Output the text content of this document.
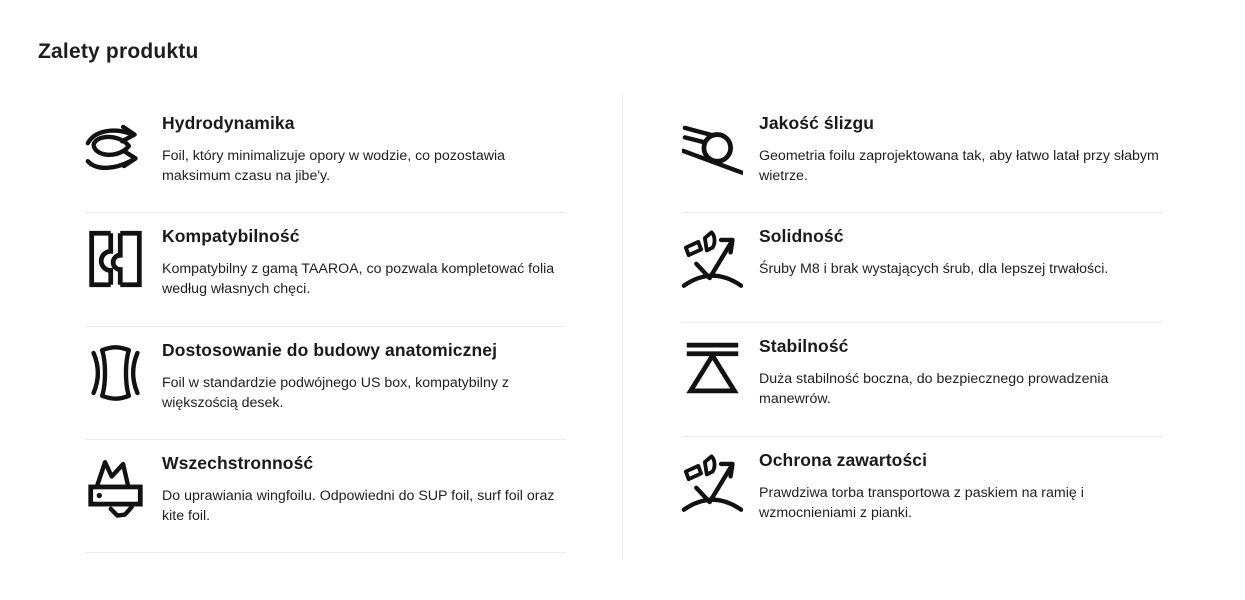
Zalety produktu
Hydrodynamika
Foil, który minimalizuje opory w wodzie, co pozostawia maksimum czasu na jibe'y.
Kompatybilność
Kompatybilny z gamą TAAROA, co pozwala kompletować folia według własnych chęci.
Dostosowanie do budowy anatomicznej
Foil w standardzie podwójnego US box, kompatybilny z większością desek.
Wszechstronność
Do uprawiania wingfoilu. Odpowiedni do SUP foil, surf foil oraz kite foil.
Jakość ślizgu
Geometria foilu zaprojektowana tak, aby łatwo latał przy słabym wietrze.
Solidność
Śruby M8 i brak wystających śrub, dla lepszej trwałości.
Stabilność
Duża stabilność boczna, do bezpiecznego prowadzenia manewrów.
Ochrona zawartości
Prawdziwa torba transportowa z paskiem na ramię i wzmocnieniami z pianki.
